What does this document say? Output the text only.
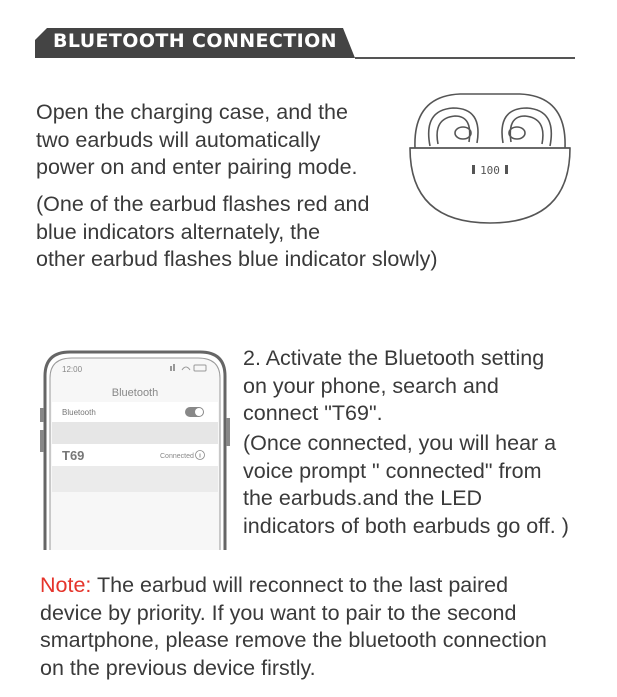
BLUETOOTH CONNECTION

Open the charging case, and the
two earbuds will automatically
power on and enter pairing mode.

(One of the earbud flashes red and
blue indicators alternately, the
other earbud flashes blue indicator slowly)

100
12:00
Bluetooth
Bluetooth
T69	Connected

2. Activate the Bluetooth setting
on your phone, search and
connect "T69".

(Once connected, you will hear a
voice prompt " connected" from
the earbuds.and the LED
indicators of both earbuds go off. )

Note: The earbud will reconnect to the last paired
device by priority. If you want to pair to the second
smartphone, please remove the bluetooth connection
on the previous device firstly.
